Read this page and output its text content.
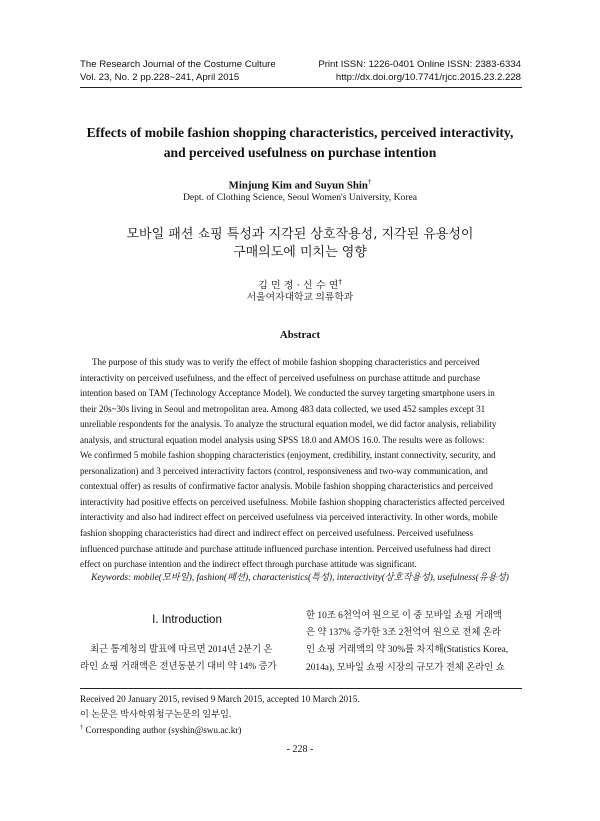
The Research Journal of the Costume Culture	Print ISSN: 1226-0401 Online ISSN: 2383-6334
Vol. 23, No. 2 pp.228~241, April 2015	http://dx.doi.org/10.7741/rjcc.2015.23.2.228
Effects of mobile fashion shopping characteristics, perceived interactivity,
and perceived usefulness on purchase intention
Minjung Kim and Suyun Shin†
Dept. of Clothing Science, Seoul Women's University, Korea
모바일 패션 쇼핑 특성과 지각된 상호작용성, 지각된 유용성이
구매의도에 미치는 영향
김 민 정 · 신 수 연†
서울여자대학교 의류학과
Abstract
The purpose of this study was to verify the effect of mobile fashion shopping characteristics and perceived
interactivity on perceived usefulness, and the effect of perceived usefulness on purchase attitude and purchase
intention based on TAM (Technology Acceptance Model). We conducted the survey targeting smartphone users in
their 20s~30s living in Seoul and metropolitan area. Among 483 data collected, we used 452 samples except 31
unreliable respondents for the analysis. To analyze the structural equation model, we did factor analysis, reliability
analysis, and structural equation model analysis using SPSS 18.0 and AMOS 16.0. The results were as follows:
We confirmed 5 mobile fashion shopping characteristics (enjoyment, credibility, instant connectivity, security, and
personalization) and 3 perceived interactivity factors (control, responsiveness and two-way communication, and
contextual offer) as results of confirmative factor analysis. Mobile fashion shopping characteristics and perceived
interactivity had positive effects on perceived usefulness. Mobile fashion shopping characteristics affected perceived
interactivity and also had indirect effect on perceived usefulness via perceived interactivity. In other words, mobile
fashion shopping characteristics had direct and indirect effect on perceived usefulness. Perceived usefulness
influenced purchase attitude and purchase attitude influenced purchase intention. Perceived usefulness had direct
effect on purchase intention and the indirect effect through purchase attitude was significant.
Keywords: mobile(모바일), fashion(패션), characteristics(특성), interactivity(상호작용성), usefulness(유용성)
I. Introduction
최근 통계청의 발표에 따르면 2014년 2분기 온
라인 쇼핑 거래액은 전년동분기 대비 약 14% 증가
한 10조 6천억여 원으로 이 중 모바일 쇼핑 거래액
은 약 137% 증가한 3조 2천억여 원으로 전체 온라
인 쇼핑 거래액의 약 30%를 차지해(Statistics Korea,
2014a), 모바일 쇼핑 시장의 규모가 전체 온라인 쇼
Received 20 January 2015, revised 9 March 2015, accepted 10 March 2015.
이 논문은 박사학위청구논문의 일부임.
† Corresponding author (syshin@swu.ac.kr)
- 228 -
